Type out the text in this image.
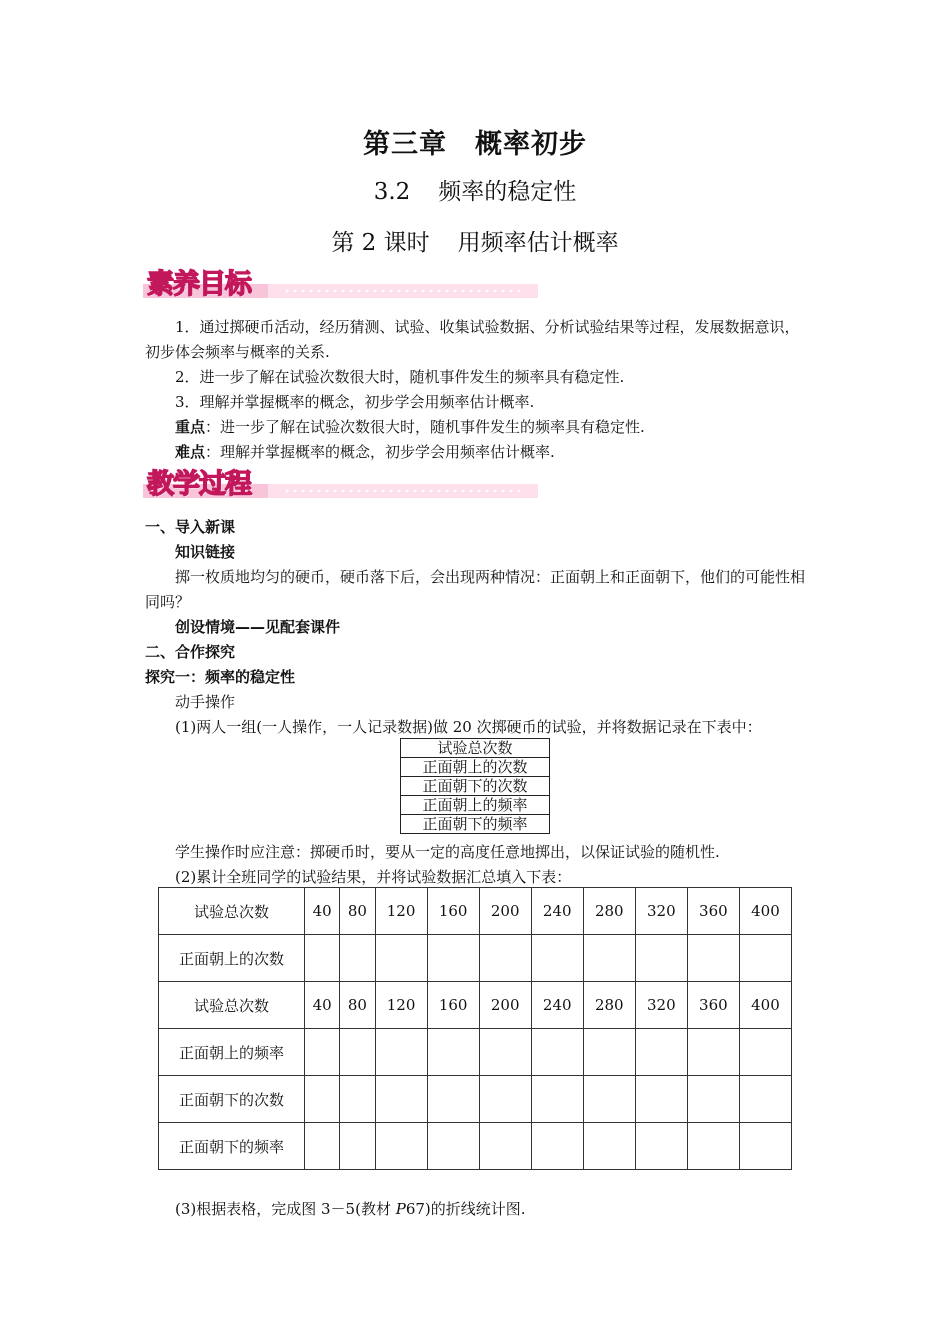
第三章 概率初步
3.2 频率的稳定性
第 2 课时 用频率估计概率
素养目标
1．通过掷硬币活动，经历猜测、试验、收集试验数据、分析试验结果等过程，发展数据意识，初步体会频率与概率的关系.
2．进一步了解在试验次数很大时，随机事件发生的频率具有稳定性.
3．理解并掌握概率的概念，初步学会用频率估计概率.
重点：进一步了解在试验次数很大时，随机事件发生的频率具有稳定性.
难点：理解并掌握概率的概念，初步学会用频率估计概率.
教学过程
一、导入新课
知识链接
掷一枚质地均匀的硬币，硬币落下后，会出现两种情况：正面朝上和正面朝下，他们的可能性相同吗？
创设情境——见配套课件
二、合作探究
探究一：频率的稳定性
动手操作
(1)两人一组(一人操作，一人记录数据)做 20 次掷硬币的试验，并将数据记录在下表中：
试验总次数
正面朝上的次数
正面朝下的次数
正面朝上的频率
正面朝下的频率
学生操作时应注意：掷硬币时，要从一定的高度任意地掷出，以保证试验的随机性.
(2)累计全班同学的试验结果，并将试验数据汇总填入下表：
试验总次数	40	80	120	160	200	240	280	320	360	400
正面朝上的次数										
试验总次数	40	80	120	160	200	240	280	320	360	400
正面朝上的频率										
正面朝下的次数										
正面朝下的频率										
(3)根据表格，完成图 3－5(教材 P67)的折线统计图.
